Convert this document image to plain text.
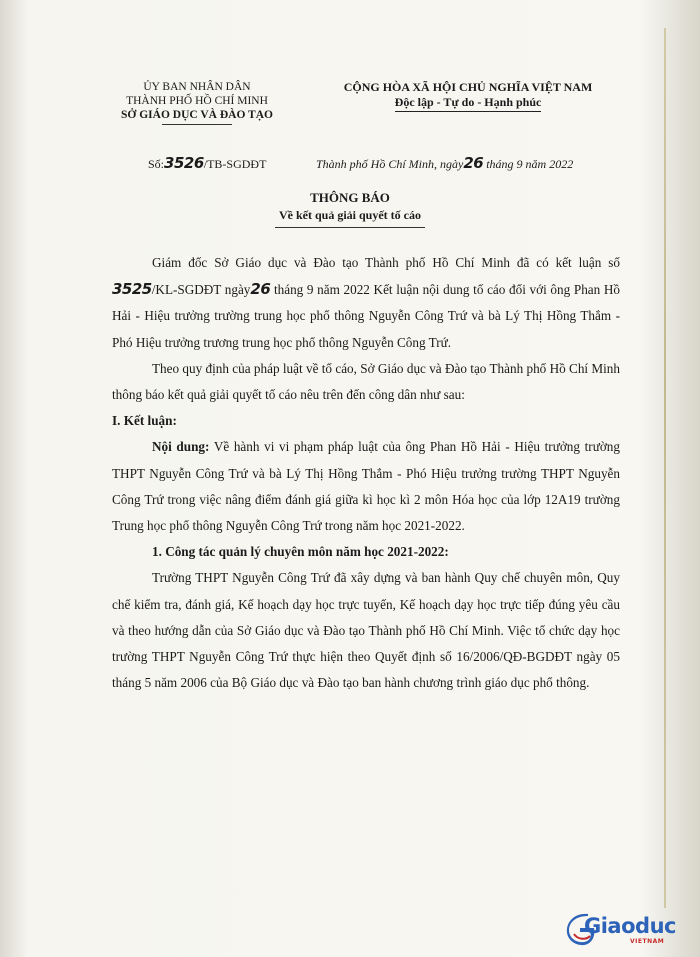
ỦY BAN NHÂN DÂN
THÀNH PHỐ HỒ CHÍ MINH
SỞ GIÁO DỤC VÀ ĐÀO TẠO
CỘNG HÒA XÃ HỘI CHỦ NGHĨA VIỆT NAM
Độc lập - Tự do - Hạnh phúc
Số:3526/TB-SGDĐT	Thành phố Hồ Chí Minh, ngày26 tháng 9 năm 2022
THÔNG BÁO
Về kết quả giải quyết tố cáo

Giám đốc Sở Giáo dục và Đào tạo Thành phố Hồ Chí Minh đã có kết luận số 3525/KL-SGDĐT ngày26 tháng 9 năm 2022 Kết luận nội dung tố cáo đối với ông Phan Hồ Hải - Hiệu trưởng trường trung học phổ thông Nguyễn Công Trứ và bà Lý Thị Hồng Thắm - Phó Hiệu trưởng trương trung học phổ thông Nguyễn Công Trứ.

Theo quy định của pháp luật về tố cáo, Sở Giáo dục và Đào tạo Thành phố Hồ Chí Minh thông báo kết quả giải quyết tố cáo nêu trên đến công dân như sau:

I. Kết luận:

Nội dung: Về hành vi vi phạm pháp luật của ông Phan Hồ Hải - Hiệu trưởng trường THPT Nguyễn Công Trứ và bà Lý Thị Hồng Thắm - Phó Hiệu trưởng trường THPT Nguyễn Công Trứ trong việc nâng điểm đánh giá giữa kì học kì 2 môn Hóa học của lớp 12A19 trường Trung học phổ thông Nguyễn Công Trứ trong năm học 2021-2022.

1. Công tác quản lý chuyên môn năm học 2021-2022:

Trường THPT Nguyễn Công Trứ đã xây dựng và ban hành Quy chế chuyên môn, Quy chế kiểm tra, đánh giá, Kế hoạch dạy học trực tuyến, Kế hoạch dạy học trực tiếp đúng yêu cầu và theo hướng dẫn của Sở Giáo dục và Đào tạo Thành phố Hồ Chí Minh. Việc tổ chức dạy học trường THPT Nguyễn Công Trứ thực hiện theo Quyết định số 16/2006/QĐ-BGDĐT ngày 05 tháng 5 năm 2006 của Bộ Giáo dục và Đào tạo ban hành chương trình giáo dục phổ thông.

Giaoduc
VIETNAM
